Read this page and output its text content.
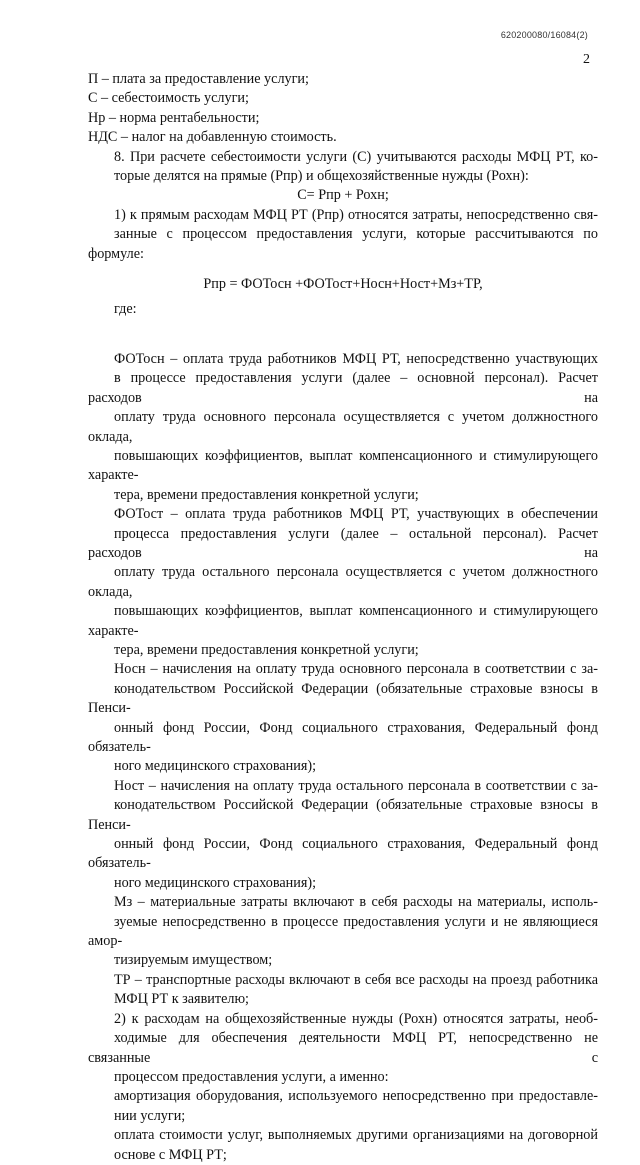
620200080/16084(2)
2

П – плата за предоставление услуги;

С – себестоимость услуги;

Нр – норма рентабельности;

НДС – налог на добавленную стоимость.

8. При расчете себестоимости услуги (С) учитываются расходы МФЦ РТ, ко-
торые делятся на прямые (Рпр) и общехозяйственные нужды (Рохн):

С= Рпр + Рохн;

1) к прямым расходам МФЦ РТ (Рпр) относятся затраты, непосредственно свя-
занные с процессом предоставления услуги, которые рассчитываются по формуле:

Рпр = ФОТосн +ФОТост+Носн+Ност+Мз+ТР,

где:

ФОТосн – оплата труда работников МФЦ РТ, непосредственно участвующих
в процессе предоставления услуги (далее – основной персонал). Расчет расходов на
оплату труда основного персонала осуществляется с учетом должностного оклада,
повышающих коэффициентов, выплат компенсационного и стимулирующего характе-
тера, времени предоставления конкретной услуги;

ФОТост – оплата труда работников МФЦ РТ, участвующих в обеспечении
процесса предоставления услуги (далее – остальной персонал). Расчет расходов на
оплату труда остального персонала осуществляется с учетом должностного оклада,
повышающих коэффициентов, выплат компенсационного и стимулирующего характе-
тера, времени предоставления конкретной услуги;

Носн – начисления на оплату труда основного персонала в соответствии с за-
конодательством Российской Федерации (обязательные страховые взносы в Пенси-
онный фонд России, Фонд социального страхования, Федеральный фонд обязатель-
ного медицинского страхования);

Ност – начисления на оплату труда остального персонала в соответствии с за-
конодательством Российской Федерации (обязательные страховые взносы в Пенси-
онный фонд России, Фонд социального страхования, Федеральный фонд обязатель-
ного медицинского страхования);

Мз – материальные затраты включают в себя расходы на материалы, исполь-
зуемые непосредственно в процессе предоставления услуги и не являющиеся амор-
тизируемым имуществом;

ТР – транспортные расходы включают в себя все расходы на проезд работника
МФЦ РТ к заявителю;

2) к расходам на общехозяйственные нужды (Рохн) относятся затраты, необ-
ходимые для обеспечения деятельности МФЦ РТ, непосредственно не связанные с
процессом предоставления услуги, а именно:

амортизация оборудования, используемого непосредственно при предоставле-
нии услуги;

оплата стоимости услуг, выполняемых другими организациями на договорной
основе с МФЦ РТ;
